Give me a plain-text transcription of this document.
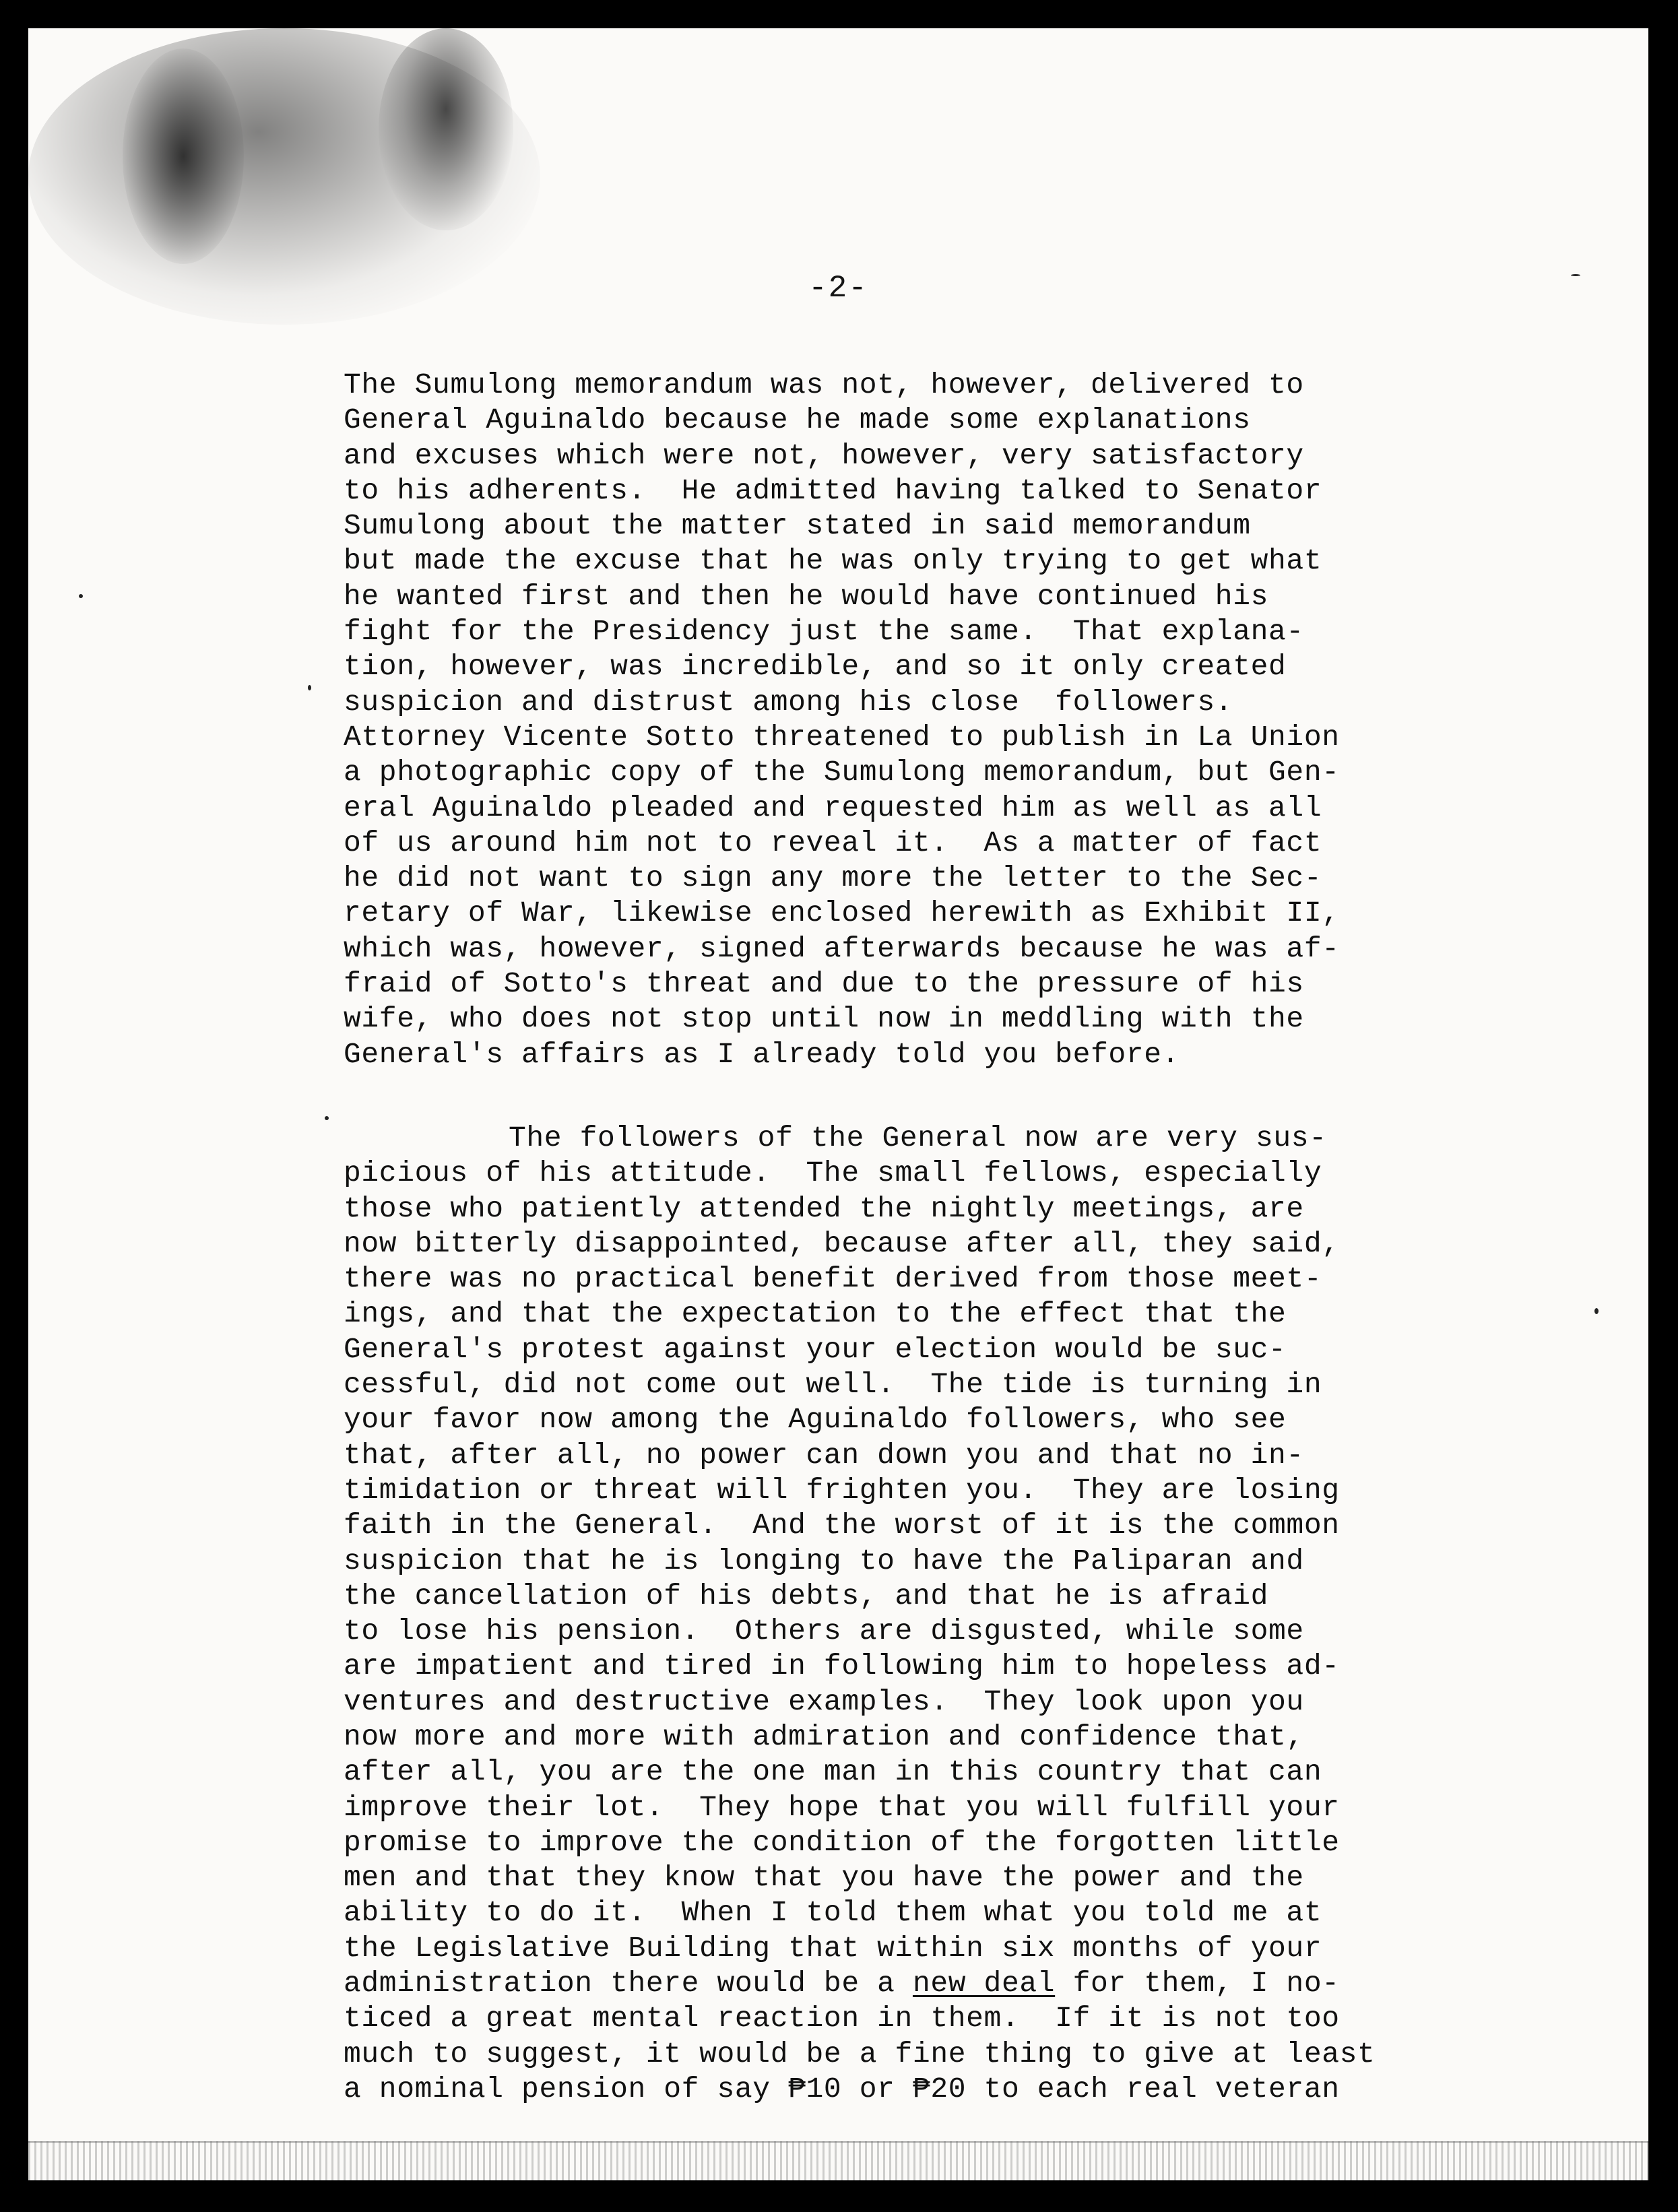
-2-
The Sumulong memorandum was not, however, delivered to
General Aguinaldo because he made some explanations
and excuses which were not, however, very satisfactory
to his adherents.  He admitted having talked to Senator
Sumulong about the matter stated in said memorandum
but made the excuse that he was only trying to get what
he wanted first and then he would have continued his
fight for the Presidency just the same.  That explana-
tion, however, was incredible, and so it only created
suspicion and distrust among his close  followers.
Attorney Vicente Sotto threatened to publish in La Union
a photographic copy of the Sumulong memorandum, but Gen-
eral Aguinaldo pleaded and requested him as well as all
of us around him not to reveal it.  As a matter of fact
he did not want to sign any more the letter to the Sec-
retary of War, likewise enclosed herewith as Exhibit II,
which was, however, signed afterwards because he was af-
fraid of Sotto's threat and due to the pressure of his
wife, who does not stop until now in meddling with the
General's affairs as I already told you before.
The followers of the General now are very sus-
picious of his attitude.  The small fellows, especially
those who patiently attended the nightly meetings, are
now bitterly disappointed, because after all, they said,
there was no practical benefit derived from those meet-
ings, and that the expectation to the effect that the
General's protest against your election would be suc-
cessful, did not come out well.  The tide is turning in
your favor now among the Aguinaldo followers, who see
that, after all, no power can down you and that no in-
timidation or threat will frighten you.  They are losing
faith in the General.  And the worst of it is the common
suspicion that he is longing to have the Paliparan and
the cancellation of his debts, and that he is afraid
to lose his pension.  Others are disgusted, while some
are impatient and tired in following him to hopeless ad-
ventures and destructive examples.  They look upon you
now more and more with admiration and confidence that,
after all, you are the one man in this country that can
improve their lot.  They hope that you will fulfill your
promise to improve the condition of the forgotten little
men and that they know that you have the power and the
ability to do it.  When I told them what you told me at
the Legislative Building that within six months of your
administration there would be a new deal for them, I no-
ticed a great mental reaction in them.  If it is not too
much to suggest, it would be a fine thing to give at least
a nominal pension of say ₱10 or ₱20 to each real veteran
